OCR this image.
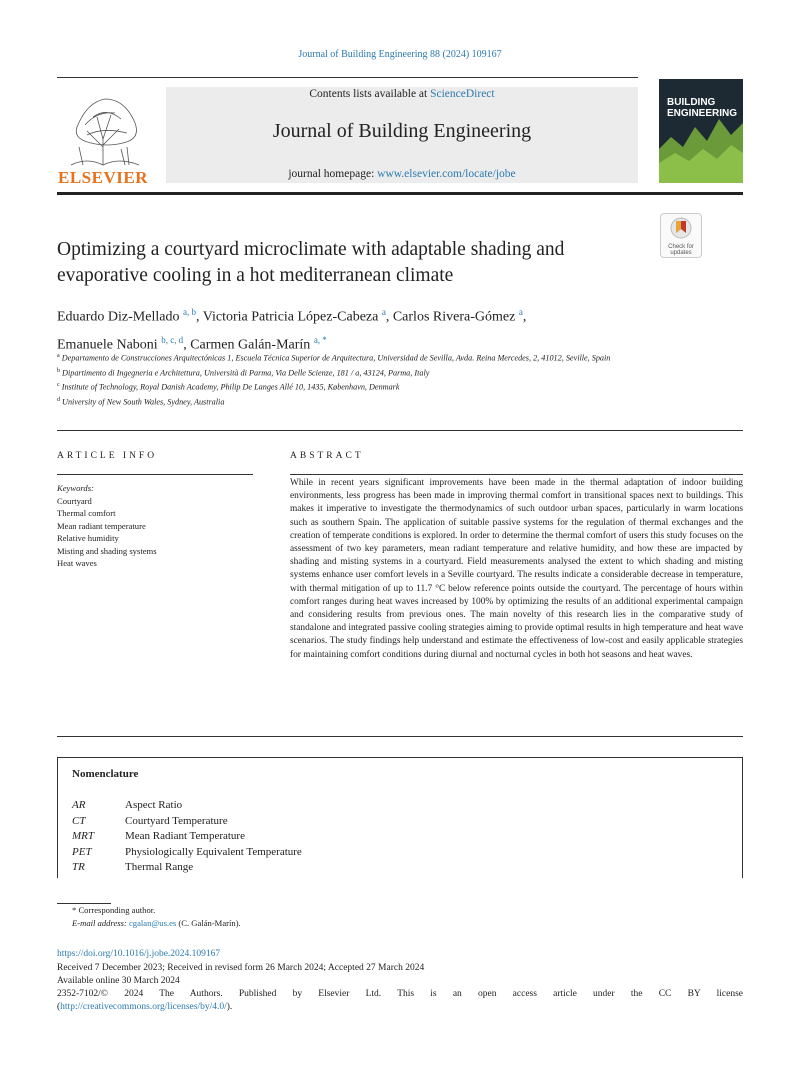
Journal of Building Engineering 88 (2024) 109167
ELSEVIER
Contents lists available at ScienceDirect
Journal of Building Engineering
journal homepage: www.elsevier.com/locate/jobe
BUILDING
ENGINEERING
Check for
updates
Optimizing a courtyard microclimate with adaptable shading and evaporative cooling in a hot mediterranean climate
Eduardo Diz-Mellado $^{a, b}$, Victoria Patricia López-Cabeza $^a$, Carlos Rivera-Gómez $^a$,
Emanuele Naboni $^{b, c, d}$, Carmen Galán-Marín $^{a, *}$
$^a$ Departamento de Construcciones Arquitectónicas 1, Escuela Técnica Superior de Arquitectura, Universidad de Sevilla, Avda. Reina Mercedes, 2, 41012, Seville, Spain
$^b$ Dipartimento di Ingegneria e Architettura, Università di Parma, Via Delle Scienze, 181 / a, 43124, Parma, Italy
$^c$ Institute of Technology, Royal Danish Academy, Philip De Langes Allé 10, 1435, København, Denmark
$^d$ University of New South Wales, Sydney, Australia
ARTICLE INFO
Keywords:
Courtyard
Thermal comfort
Mean radiant temperature
Relative humidity
Misting and shading systems
Heat waves
ABSTRACT
While in recent years significant improvements have been made in the thermal adaptation of indoor building environments, less progress has been made in improving thermal comfort in transitional spaces next to buildings. This makes it imperative to investigate the thermodynamics of such outdoor urban spaces, particularly in warm locations such as southern Spain. The application of suitable passive systems for the regulation of thermal exchanges and the creation of temperate conditions is explored. In order to determine the thermal comfort of users this study focuses on the assessment of two key parameters, mean radiant temperature and relative humidity, and how these are impacted by shading and misting systems in a courtyard. Field measurements analysed the extent to which shading and misting systems enhance user comfort levels in a Seville courtyard. The results indicate a considerable decrease in temperature, with thermal mitigation of up to 11.7 °C below reference points outside the courtyard. The percentage of hours within comfort ranges during heat waves increased by 100% by optimizing the results of an additional experimental campaign and considering results from previous ones. The main novelty of this research lies in the comparative study of standalone and integrated passive cooling strategies aiming to provide optimal results in high temperature and heat wave scenarios. The study findings help understand and estimate the effectiveness of low-cost and easily applicable strategies for maintaining comfort conditions during diurnal and nocturnal cycles in both hot seasons and heat waves.
Nomenclature
AR	Aspect Ratio
CT	Courtyard Temperature
MRT	Mean Radiant Temperature
PET	Physiologically Equivalent Temperature
TR	Thermal Range
* Corresponding author.
E-mail address: cgalan@us.es (C. Galán-Marín).
https://doi.org/10.1016/j.jobe.2024.109167
Received 7 December 2023; Received in revised form 26 March 2024; Accepted 27 March 2024
Available online 30 March 2024
2352-7102/© 2024 The Authors. Published by Elsevier Ltd. This is an open access article under the CC BY license
(http://creativecommons.org/licenses/by/4.0/).
